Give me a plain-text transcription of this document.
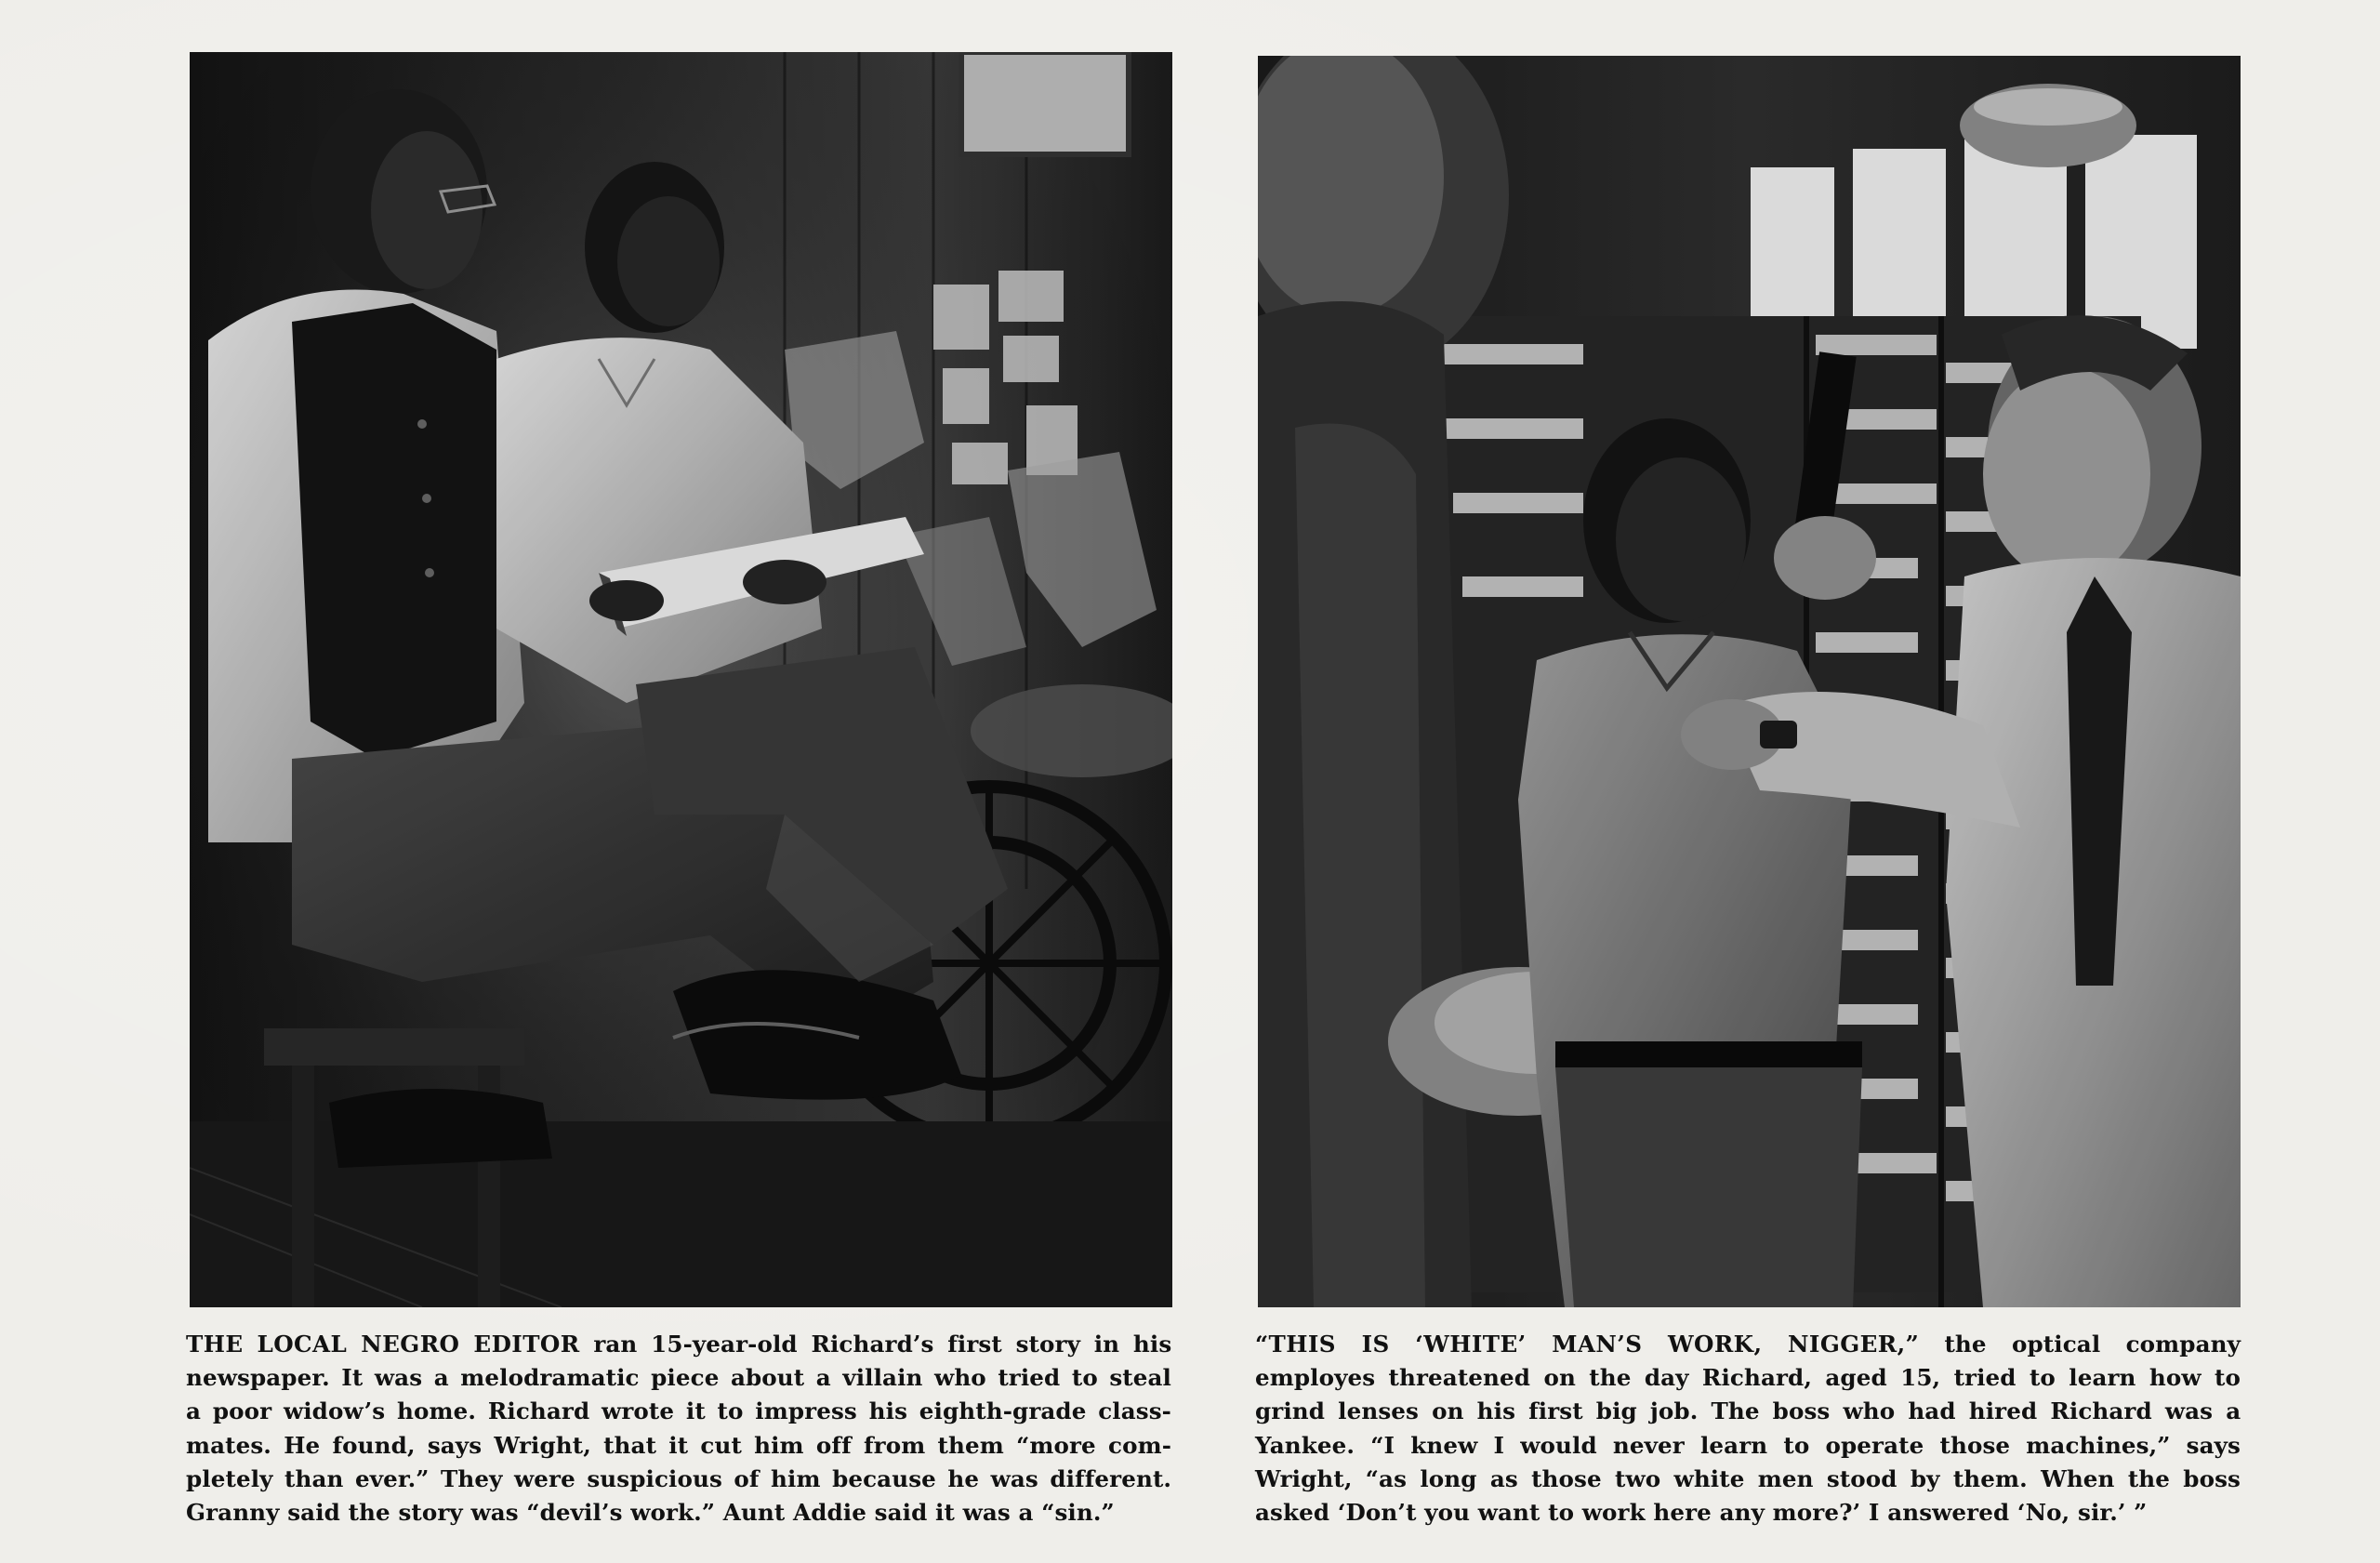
THE LOCAL NEGRO EDITOR ran 15-year-old Richard’s first story in his
newspaper. It was a melodramatic piece about a villain who tried to steal
a poor widow’s home. Richard wrote it to impress his eighth-grade class-
mates. He found, says Wright, that it cut him off from them “more com-
pletely than ever.” They were suspicious of him because he was different.
Granny said the story was “devil’s work.” Aunt Addie said it was a “sin.”
“THIS IS ‘WHITE’ MAN’S WORK, NIGGER,” the optical company
employes threatened on the day Richard, aged 15, tried to learn how to
grind lenses on his first big job. The boss who had hired Richard was a
Yankee. “I knew I would never learn to operate those machines,” says
Wright, “as long as those two white men stood by them. When the boss
asked ‘Don’t you want to work here any more?’ I answered ‘No, sir.’ ”
